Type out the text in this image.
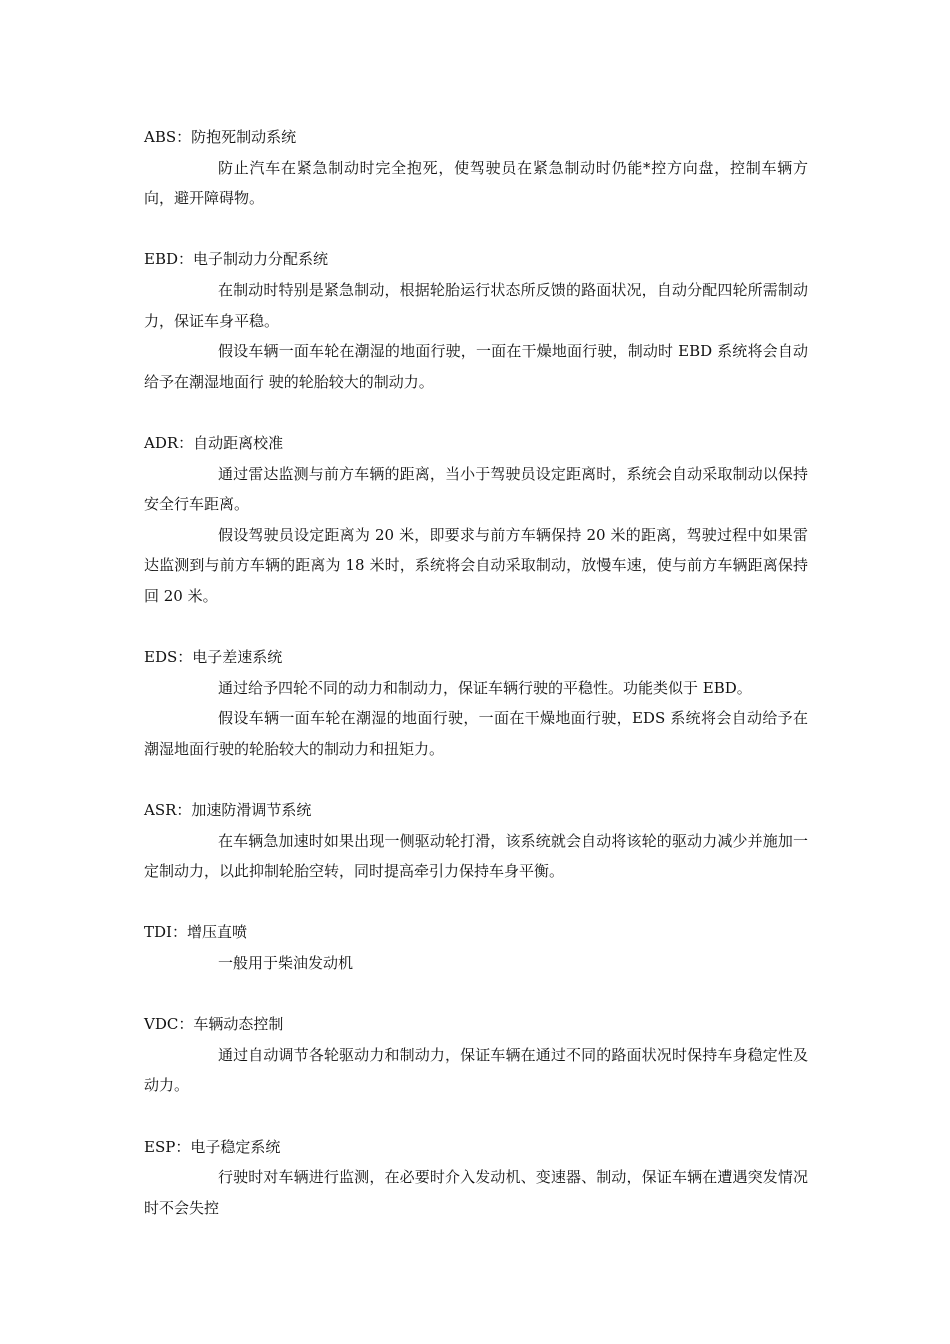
ABS：防抱死制动系统

防止汽车在紧急制动时完全抱死，使驾驶员在紧急制动时仍能*控方向盘，控制车辆方向，避开障碍物。

EBD：电子制动力分配系统

在制动时特别是紧急制动，根据轮胎运行状态所反馈的路面状况，自动分配四轮所需制动力，保证车身平稳。

假设车辆一面车轮在潮湿的地面行驶，一面在干燥地面行驶，制动时 EBD 系统将会自动给予在潮湿地面行 驶的轮胎较大的制动力。

ADR：自动距离校准

通过雷达监测与前方车辆的距离，当小于驾驶员设定距离时，系统会自动采取制动以保持安全行车距离。

假设驾驶员设定距离为 20 米，即要求与前方车辆保持 20 米的距离，驾驶过程中如果雷达监测到与前方车辆的距离为 18 米时，系统将会自动采取制动，放慢车速，使与前方车辆距离保持回 20 米。

EDS：电子差速系统

通过给予四轮不同的动力和制动力，保证车辆行驶的平稳性。功能类似于 EBD。

假设车辆一面车轮在潮湿的地面行驶，一面在干燥地面行驶，EDS 系统将会自动给予在潮湿地面行驶的轮胎较大的制动力和扭矩力。

ASR：加速防滑调节系统

在车辆急加速时如果出现一侧驱动轮打滑，该系统就会自动将该轮的驱动力减少并施加一定制动力，以此抑制轮胎空转，同时提高牵引力保持车身平衡。

TDI：增压直喷

一般用于柴油发动机

VDC：车辆动态控制

通过自动调节各轮驱动力和制动力，保证车辆在通过不同的路面状况时保持车身稳定性及动力。

ESP：电子稳定系统

行驶时对车辆进行监测，在必要时介入发动机、变速器、制动，保证车辆在遭遇突发情况时不会失控
